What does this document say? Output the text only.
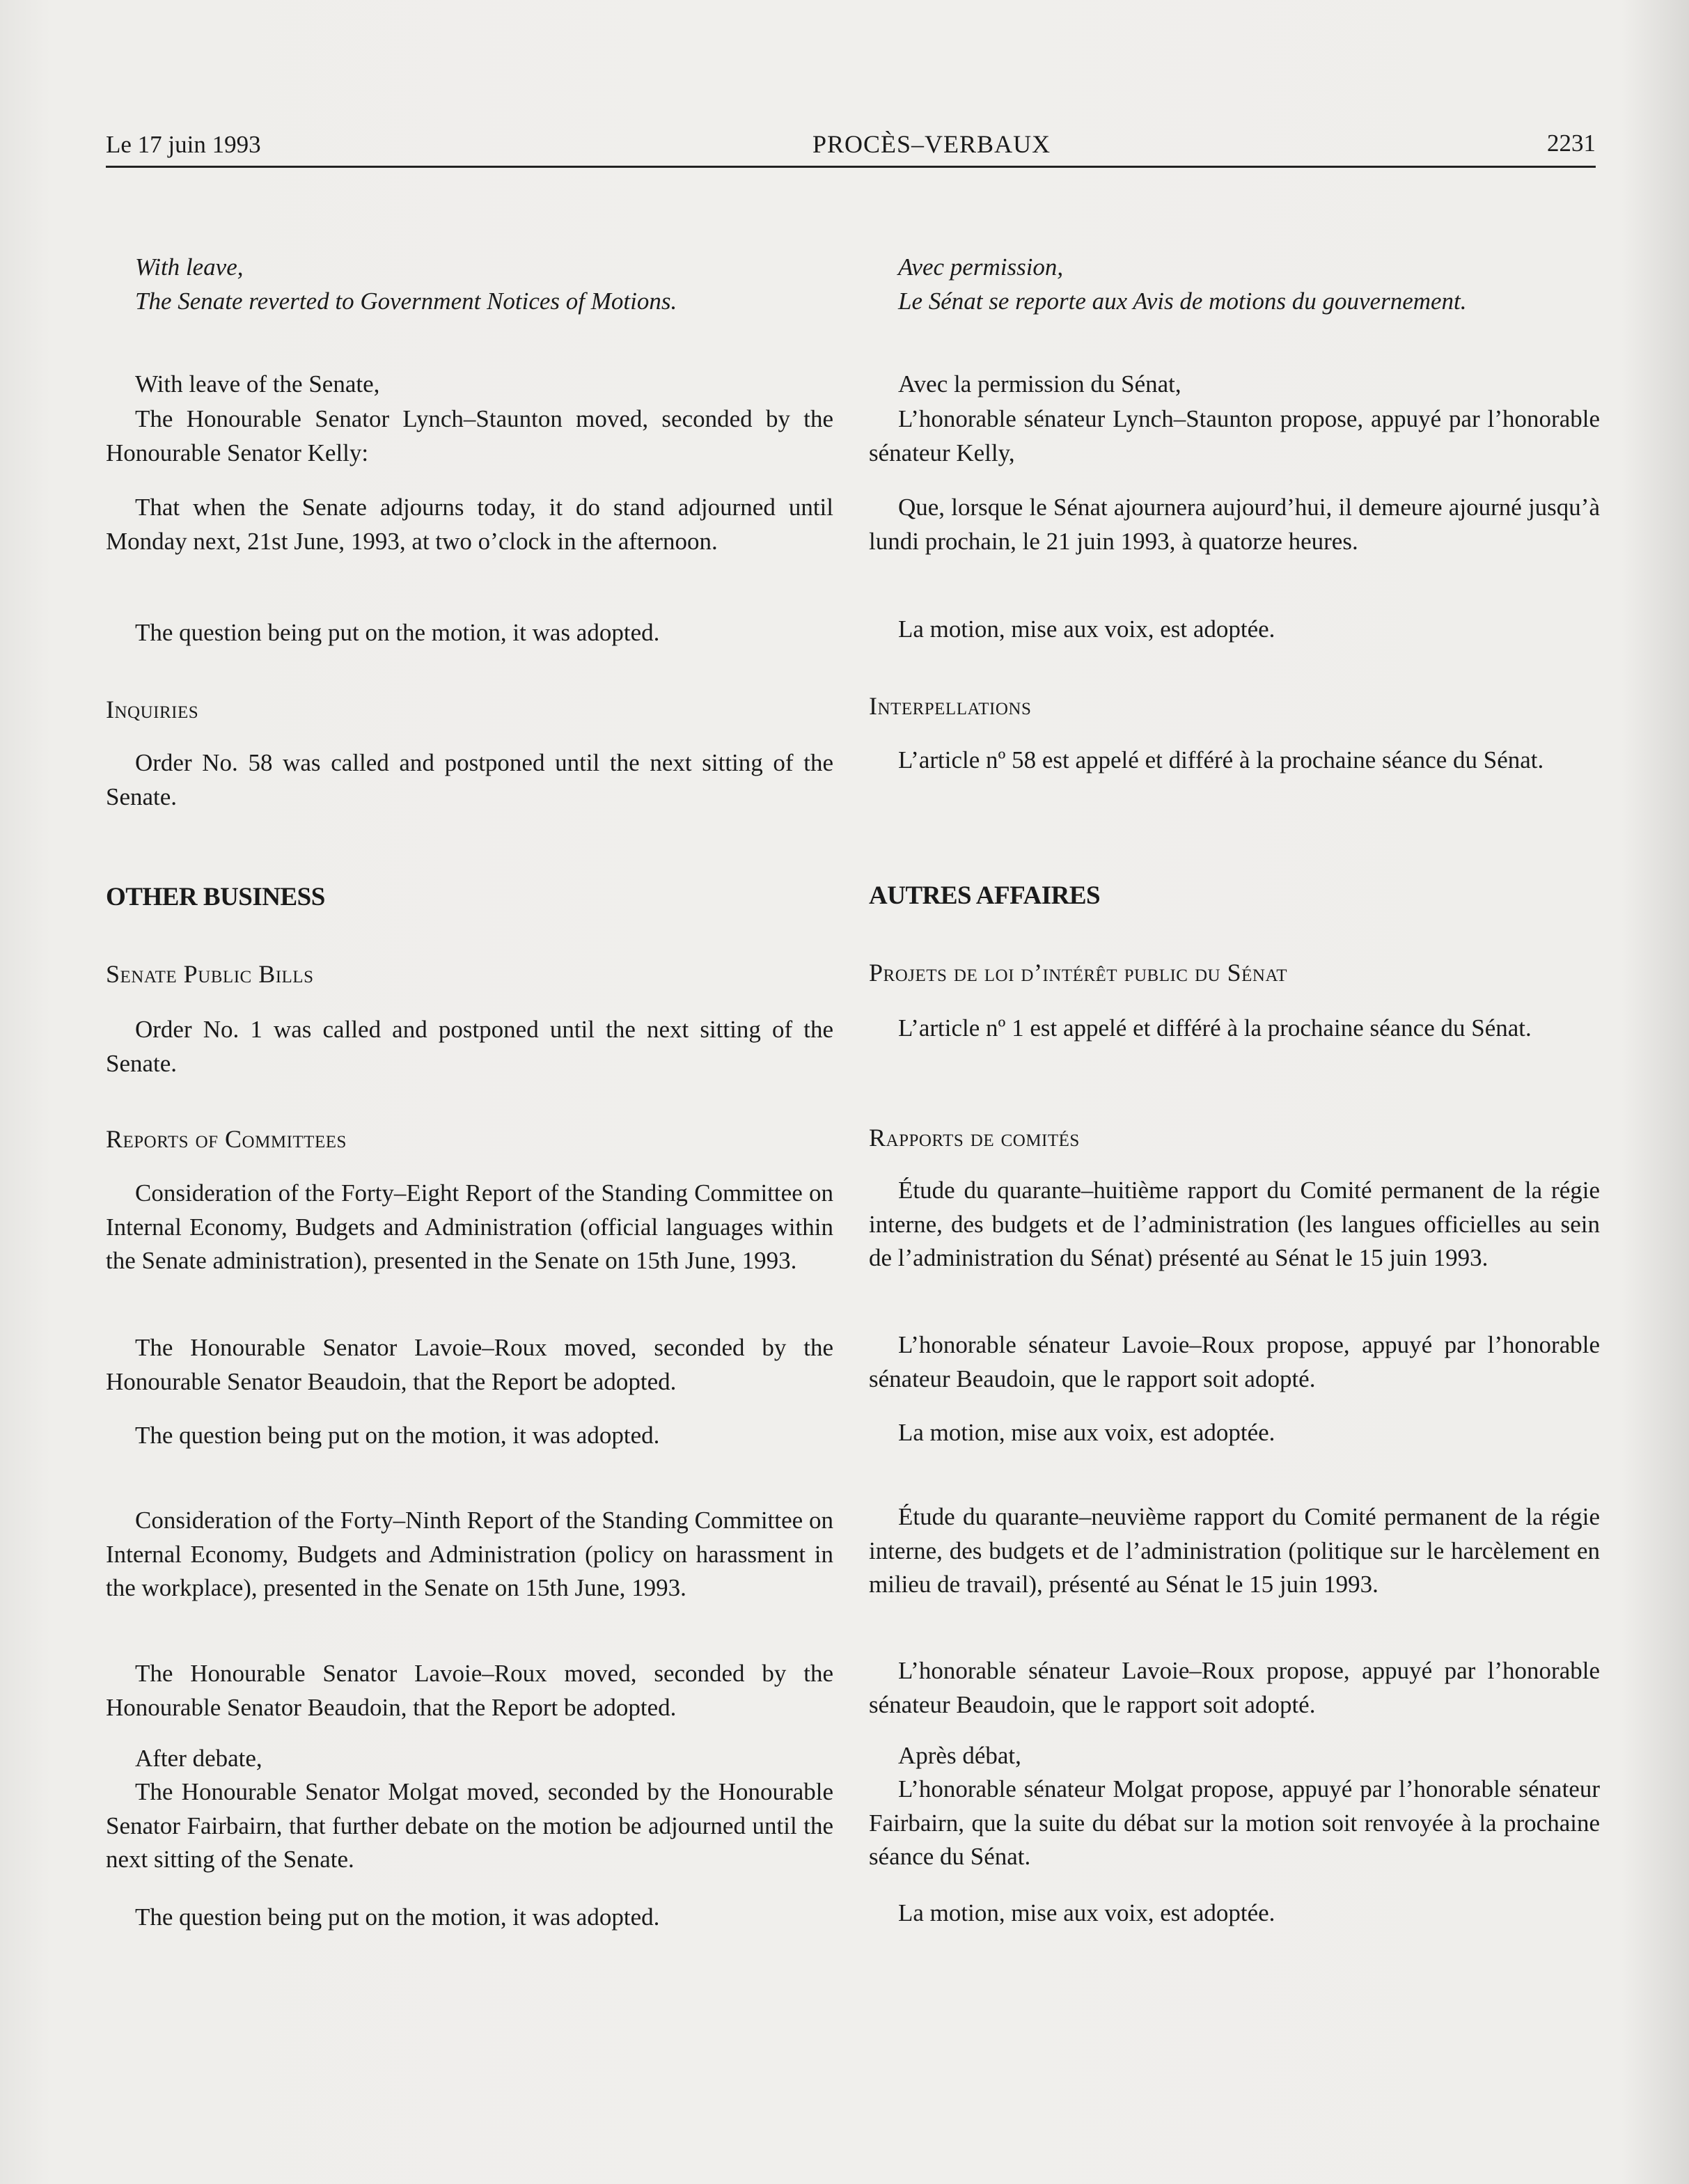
Le 17 juin 1993	PROCÈS–VERBAUX	2231

With leave,
The Senate reverted to Government Notices of Motions.

With leave of the Senate,

The Honourable Senator Lynch–Staunton moved, seconded by the Honourable Senator Kelly:

That when the Senate adjourns today, it do stand adjourned until Monday next, 21st June, 1993, at two o’clock in the afternoon.

The question being put on the motion, it was adopted.

Inquiries

Order No. 58 was called and postponed until the next sitting of the Senate.

OTHER BUSINESS

Senate Public Bills

Order No. 1 was called and postponed until the next sitting of the Senate.

Reports of Committees

Consideration of the Forty–Eight Report of the Standing Committee on Internal Economy, Budgets and Administration (official languages within the Senate administration), presented in the Senate on 15th June, 1993.

The Honourable Senator Lavoie–Roux moved, seconded by the Honourable Senator Beaudoin, that the Report be adopted.

The question being put on the motion, it was adopted.

Consideration of the Forty–Ninth Report of the Standing Committee on Internal Economy, Budgets and Administration (policy on harassment in the workplace), presented in the Senate on 15th June, 1993.

The Honourable Senator Lavoie–Roux moved, seconded by the Honourable Senator Beaudoin, that the Report be adopted.

After debate,

The Honourable Senator Molgat moved, seconded by the Honourable Senator Fairbairn, that further debate on the motion be adjourned until the next sitting of the Senate.

The question being put on the motion, it was adopted.

Avec permission,
Le Sénat se reporte aux Avis de motions du gouvernement.

Avec la permission du Sénat,

L’honorable sénateur Lynch–Staunton propose, appuyé par l’honorable sénateur Kelly,

Que, lorsque le Sénat ajournera aujourd’hui, il demeure ajourné jusqu’à lundi prochain, le 21 juin 1993, à quatorze heures.

La motion, mise aux voix, est adoptée.

Interpellations

L’article nº 58 est appelé et différé à la prochaine séance du Sénat.

AUTRES AFFAIRES

Projets de loi d’intérêt public du Sénat

L’article nº 1 est appelé et différé à la prochaine séance du Sénat.

Rapports de comités

Étude du quarante–huitième rapport du Comité permanent de la régie interne, des budgets et de l’administration (les langues officielles au sein de l’administration du Sénat) présenté au Sénat le 15 juin 1993.

L’honorable sénateur Lavoie–Roux propose, appuyé par l’honorable sénateur Beaudoin, que le rapport soit adopté.

La motion, mise aux voix, est adoptée.

Étude du quarante–neuvième rapport du Comité permanent de la régie interne, des budgets et de l’administration (politique sur le harcèlement en milieu de travail), présenté au Sénat le 15 juin 1993.

L’honorable sénateur Lavoie–Roux propose, appuyé par l’honorable sénateur Beaudoin, que le rapport soit adopté.

Après débat,

L’honorable sénateur Molgat propose, appuyé par l’honorable sénateur Fairbairn, que la suite du débat sur la motion soit renvoyée à la prochaine séance du Sénat.

La motion, mise aux voix, est adoptée.
